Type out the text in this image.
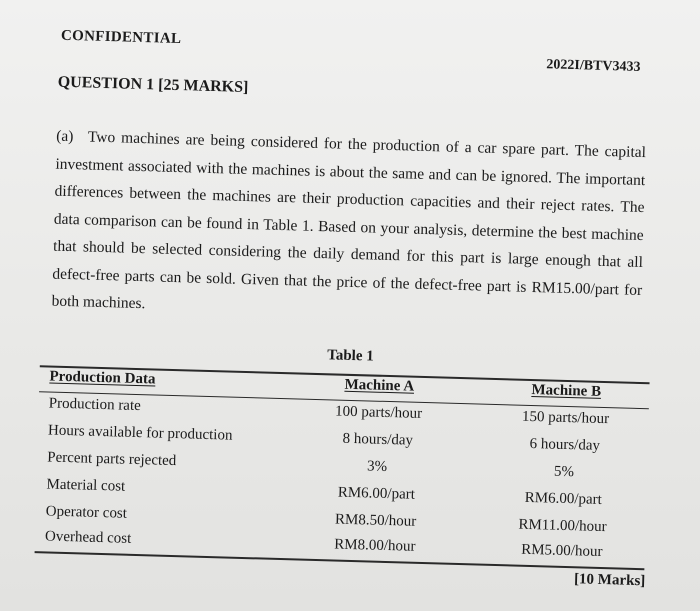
CONFIDENTIAL
2022I/BTV3433
QUESTION 1 [25 MARKS]
(a) Two machines are being considered for the production of a car spare part. The capital investment associated with the machines is about the same and can be ignored. The important differences between the machines are their production capacities and their reject rates. The data comparison can be found in Table 1. Based on your analysis, determine the best machine that should be selected considering the daily demand for this part is large enough that all defect-free parts can be sold. Given that the price of the defect-free part is RM15.00/part for both machines.
Table 1
Production Data	Machine A	Machine B
Production rate	100 parts/hour	150 parts/hour
Hours available for production	8 hours/day	6 hours/day
Percent parts rejected	3%	5%
Material cost	RM6.00/part	RM6.00/part
Operator cost	RM8.50/hour	RM11.00/hour
Overhead cost	RM8.00/hour	RM5.00/hour
[10 Marks]
